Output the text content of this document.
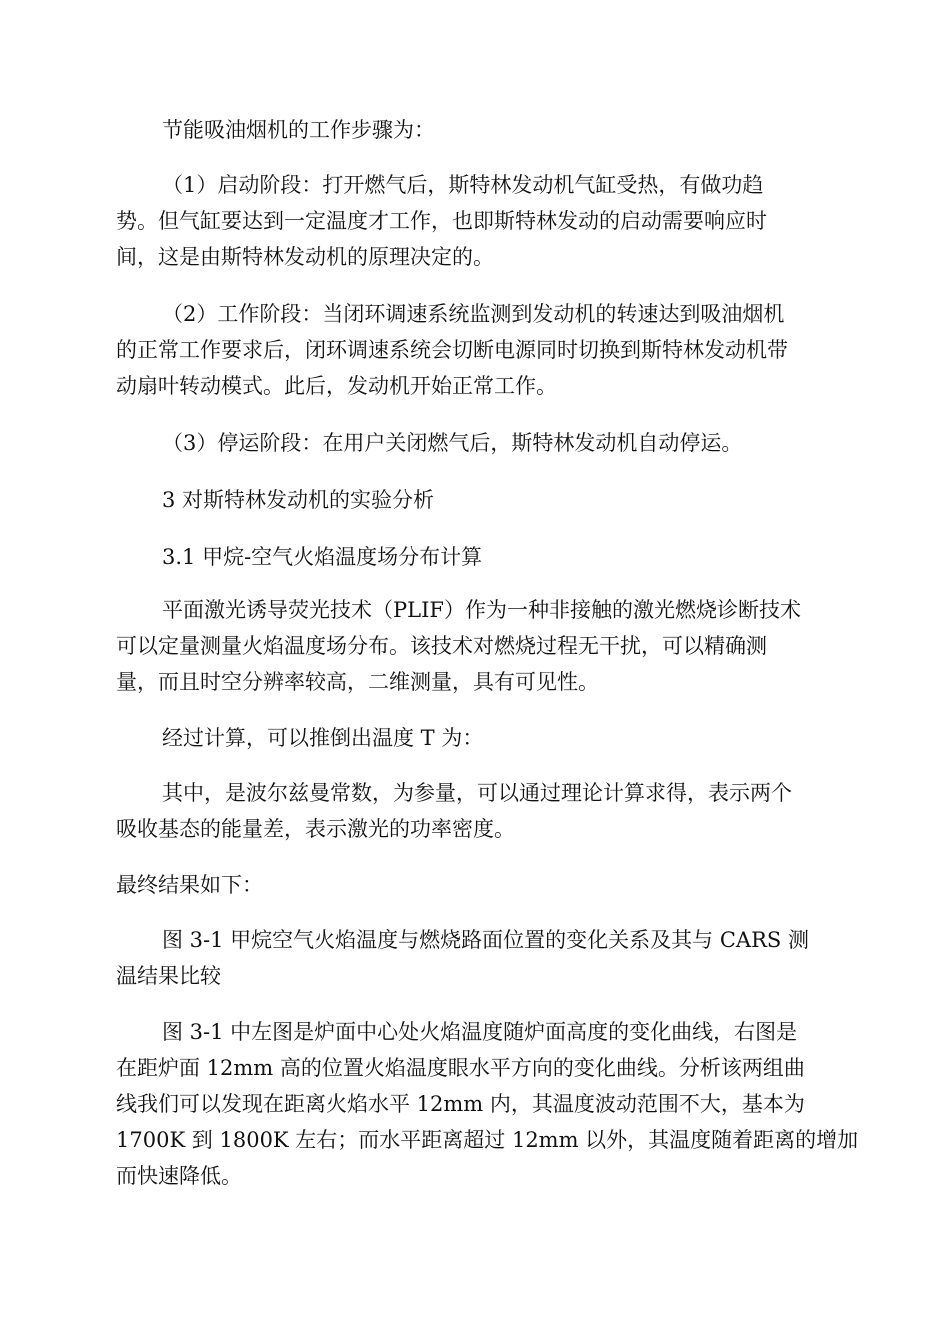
节能吸油烟机的工作步骤为：
（1）启动阶段：打开燃气后，斯特林发动机气缸受热，有做功趋
势。但气缸要达到一定温度才工作，也即斯特林发动的启动需要响应时
间，这是由斯特林发动机的原理决定的。
（2）工作阶段：当闭环调速系统监测到发动机的转速达到吸油烟机
的正常工作要求后，闭环调速系统会切断电源同时切换到斯特林发动机带
动扇叶转动模式。此后，发动机开始正常工作。
（3）停运阶段：在用户关闭燃气后，斯特林发动机自动停运。
3 对斯特林发动机的实验分析
3.1 甲烷-空气火焰温度场分布计算
平面激光诱导荧光技术（PLIF）作为一种非接触的激光燃烧诊断技术
可以定量测量火焰温度场分布。该技术对燃烧过程无干扰，可以精确测
量，而且时空分辨率较高，二维测量，具有可见性。
经过计算，可以推倒出温度 T 为：
其中，是波尔兹曼常数，为参量，可以通过理论计算求得，表示两个
吸收基态的能量差，表示激光的功率密度。
最终结果如下：
图 3-1 甲烷空气火焰温度与燃烧路面位置的变化关系及其与 CARS 测
温结果比较
图 3-1 中左图是炉面中心处火焰温度随炉面高度的变化曲线，右图是
在距炉面 12mm 高的位置火焰温度眼水平方向的变化曲线。分析该两组曲
线我们可以发现在距离火焰水平 12mm 内，其温度波动范围不大，基本为
1700K 到 1800K 左右；而水平距离超过 12mm 以外，其温度随着距离的增加
而快速降低。
